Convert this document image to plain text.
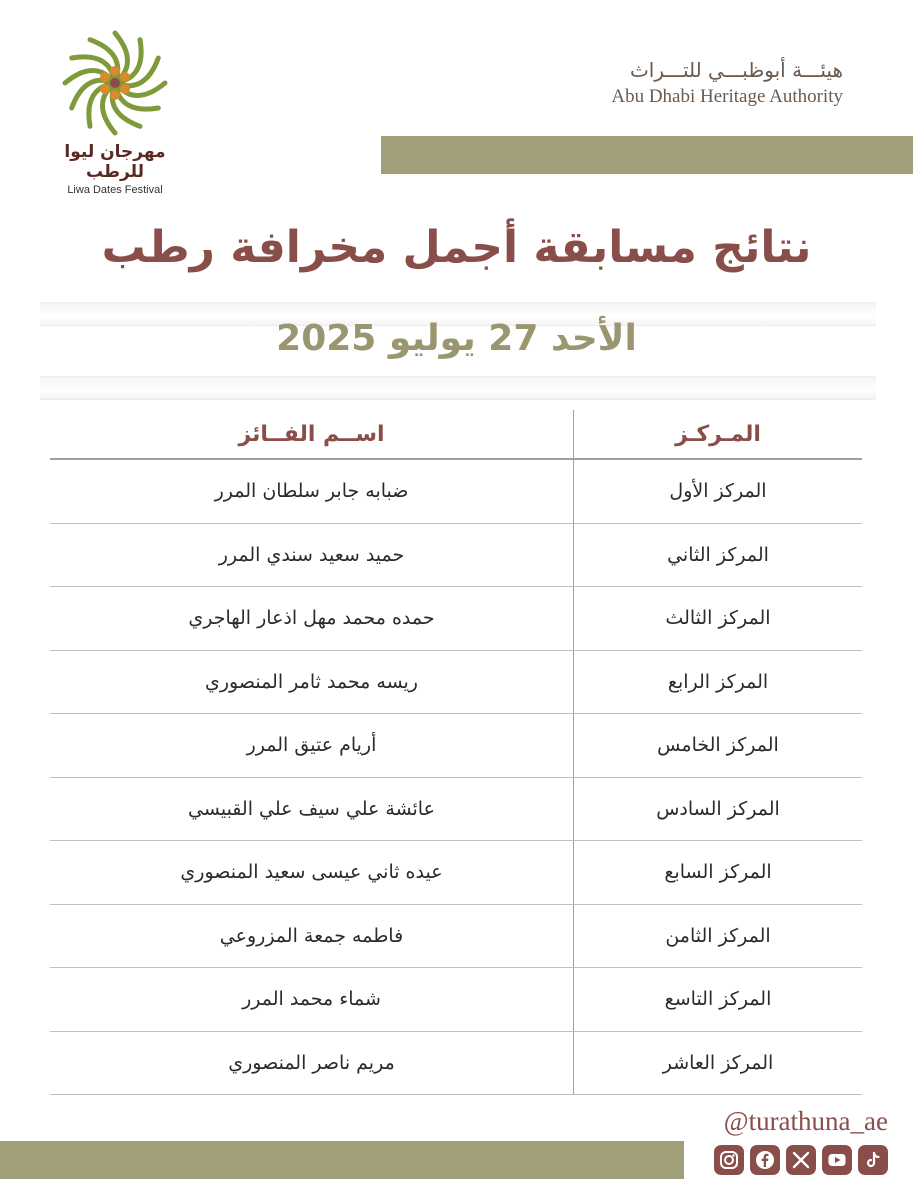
مهرجان ليوا للرطب
Liwa Dates Festival
هيئـــة أبوظبـــي للتـــراث
Abu Dhabi Heritage Authority
نتائج مسابقة أجمل مخرافة رطب
الأحد 27 يوليو 2025
المـركـز
اســم الفــائز
المركز الأول
ضبابه جابر سلطان المرر
المركز الثاني
حميد سعيد سندي المرر
المركز الثالث
حمده محمد مهل اذعار الهاجري
المركز الرابع
ريسه محمد ثامر المنصوري
المركز الخامس
أريام عتيق المرر
المركز السادس
عائشة علي سيف علي القبيسي
المركز السابع
عيده ثاني عيسى سعيد المنصوري
المركز الثامن
فاطمه جمعة المزروعي
المركز التاسع
شماء محمد المرر
المركز العاشر
مريم ناصر المنصوري
@turathuna_ae
